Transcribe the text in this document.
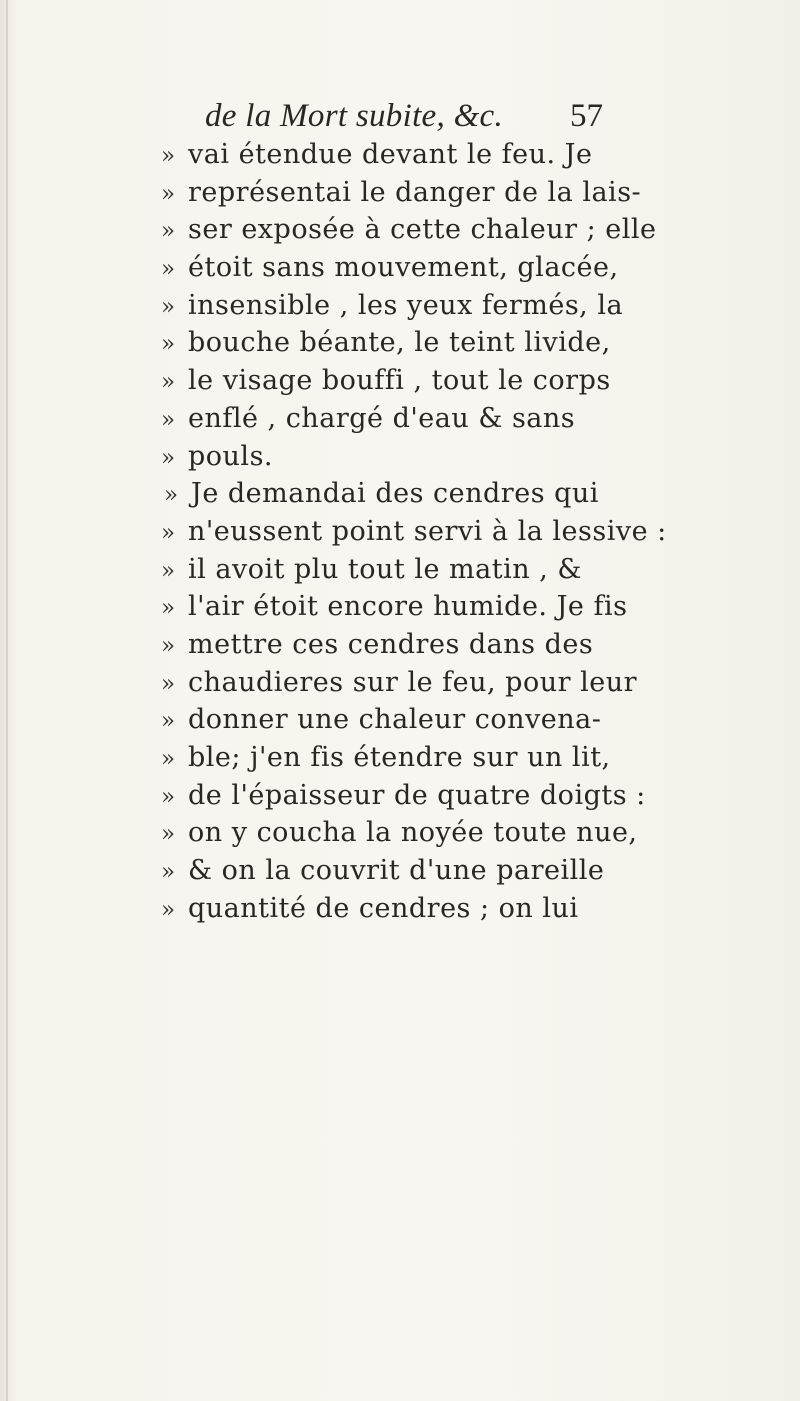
de la Mort subite, &c. 57
» vai étendue devant le feu. Je
» représentai le danger de la lais-
» ser exposée à cette chaleur ; elle
» étoit sans mouvement, glacée,
» insensible , les yeux fermés, la
» bouche béante, le teint livide,
» le visage bouffi , tout le corps
» enflé , chargé d'eau & sans
» pouls.
» Je demandai des cendres qui
» n'eussent point servi à la lessive :
» il avoit plu tout le matin , &
» l'air étoit encore humide. Je fis
» mettre ces cendres dans des
» chaudieres sur le feu, pour leur
» donner une chaleur convena-
» ble; j'en fis étendre sur un lit,
» de l'épaisseur de quatre doigts :
» on y coucha la noyée toute nue,
» & on la couvrit d'une pareille
» quantité de cendres ; on lui
